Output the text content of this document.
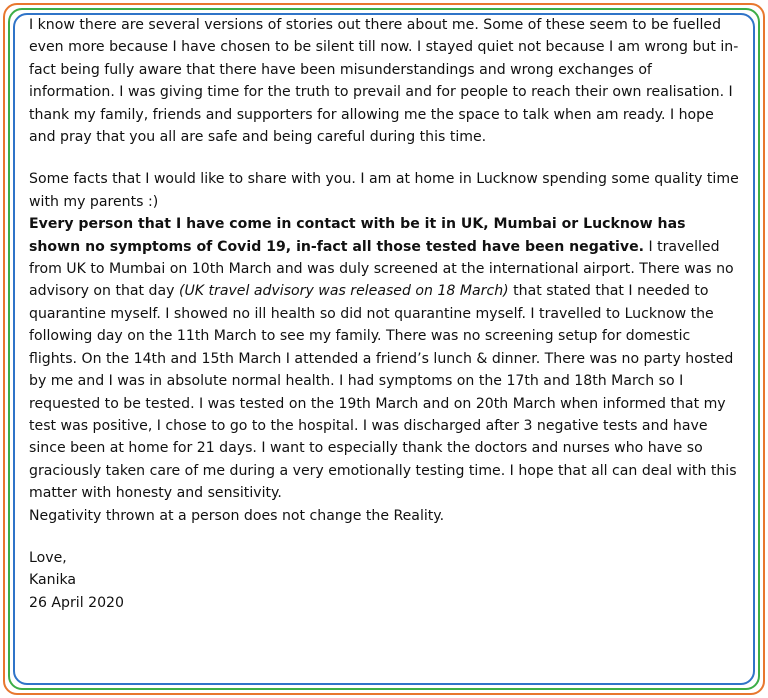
I know there are several versions of stories out there about me. Some of these seem to be fuelled even more because I have chosen to be silent till now. I stayed quiet not because I am wrong but in-fact being fully aware that there have been misunderstandings and wrong exchanges of information. I was giving time for the truth to prevail and for people to reach their own realisation. I thank my family, friends and supporters for allowing me the space to talk when am ready. I hope and pray that you all are safe and being careful during this time.

Some facts that I would like to share with you. I am at home in Lucknow spending some quality time with my parents :)

Every person that I have come in contact with be it in UK, Mumbai or Lucknow has shown no symptoms of Covid 19, in-fact all those tested have been negative. I travelled from UK to Mumbai on 10th March and was duly screened at the international airport. There was no advisory on that day (UK travel advisory was released on 18 March) that stated that I needed to quarantine myself. I showed no ill health so did not quarantine myself. I travelled to Lucknow the following day on the 11th March to see my family. There was no screening setup for domestic flights. On the 14th and 15th March I attended a friend’s lunch & dinner. There was no party hosted by me and I was in absolute normal health. I had symptoms on the 17th and 18th March so I requested to be tested. I was tested on the 19th March and on 20th March when informed that my test was positive, I chose to go to the hospital. I was discharged after 3 negative tests and have since been at home for 21 days. I want to especially thank the doctors and nurses who have so graciously taken care of me during a very emotionally testing time. I hope that all can deal with this matter with honesty and sensitivity.

Negativity thrown at a person does not change the Reality.

Love,
Kanika
26 April 2020
